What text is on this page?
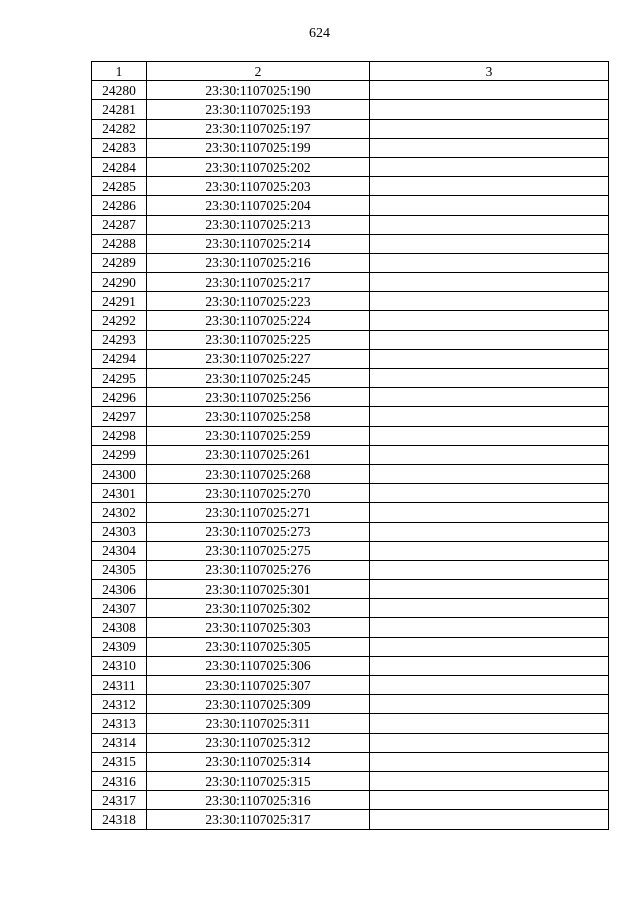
624
1	2	3
24280	23:30:1107025:190	
24281	23:30:1107025:193	
24282	23:30:1107025:197	
24283	23:30:1107025:199	
24284	23:30:1107025:202	
24285	23:30:1107025:203	
24286	23:30:1107025:204	
24287	23:30:1107025:213	
24288	23:30:1107025:214	
24289	23:30:1107025:216	
24290	23:30:1107025:217	
24291	23:30:1107025:223	
24292	23:30:1107025:224	
24293	23:30:1107025:225	
24294	23:30:1107025:227	
24295	23:30:1107025:245	
24296	23:30:1107025:256	
24297	23:30:1107025:258	
24298	23:30:1107025:259	
24299	23:30:1107025:261	
24300	23:30:1107025:268	
24301	23:30:1107025:270	
24302	23:30:1107025:271	
24303	23:30:1107025:273	
24304	23:30:1107025:275	
24305	23:30:1107025:276	
24306	23:30:1107025:301	
24307	23:30:1107025:302	
24308	23:30:1107025:303	
24309	23:30:1107025:305	
24310	23:30:1107025:306	
24311	23:30:1107025:307	
24312	23:30:1107025:309	
24313	23:30:1107025:311	
24314	23:30:1107025:312	
24315	23:30:1107025:314	
24316	23:30:1107025:315	
24317	23:30:1107025:316	
24318	23:30:1107025:317	
